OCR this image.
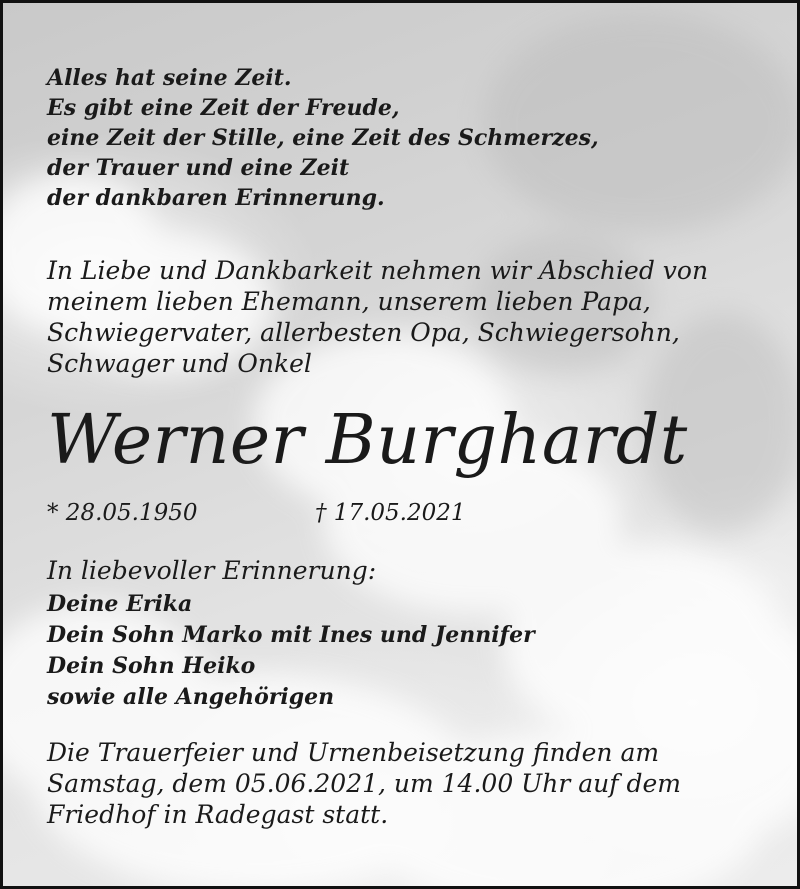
Alles hat seine Zeit.
Es gibt eine Zeit der Freude,
eine Zeit der Stille, eine Zeit des Schmerzes,
der Trauer und eine Zeit
der dankbaren Erinnerung.
In Liebe und Dankbarkeit nehmen wir Abschied von
meinem lieben Ehemann, unserem lieben Papa,
Schwiegervater, allerbesten Opa, Schwiegersohn,
Schwager und Onkel
Werner Burghardt
* 28.05.1950	† 17.05.2021
In liebevoller Erinnerung:
Deine Erika
Dein Sohn Marko mit Ines und Jennifer
Dein Sohn Heiko
sowie alle Angehörigen
Die Trauerfeier und Urnenbeisetzung finden am
Samstag, dem 05.06.2021, um 14.00 Uhr auf dem
Friedhof in Radegast statt.
